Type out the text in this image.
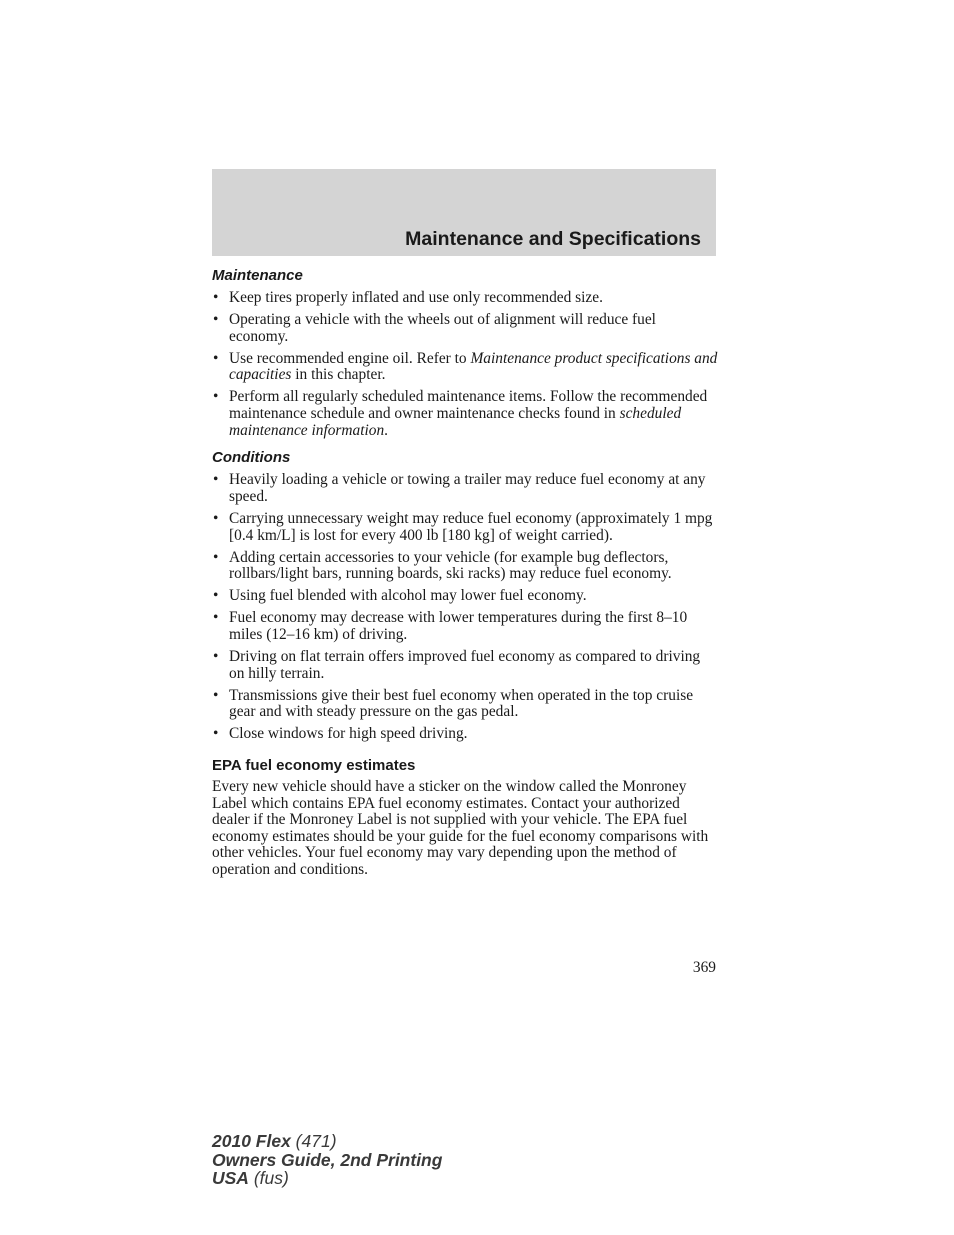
Maintenance and Specifications
Maintenance
• Keep tires properly inflated and use only recommended size.
• Operating a vehicle with the wheels out of alignment will reduce fuel economy.
• Use recommended engine oil. Refer to Maintenance product specifications and capacities in this chapter.
• Perform all regularly scheduled maintenance items. Follow the recommended maintenance schedule and owner maintenance checks found in scheduled maintenance information.
Conditions
• Heavily loading a vehicle or towing a trailer may reduce fuel economy at any speed.
• Carrying unnecessary weight may reduce fuel economy (approximately 1 mpg [0.4 km/L] is lost for every 400 lb [180 kg] of weight carried).
• Adding certain accessories to your vehicle (for example bug deflectors, rollbars/light bars, running boards, ski racks) may reduce fuel economy.
• Using fuel blended with alcohol may lower fuel economy.
• Fuel economy may decrease with lower temperatures during the first 8–10 miles (12–16 km) of driving.
• Driving on flat terrain offers improved fuel economy as compared to driving on hilly terrain.
• Transmissions give their best fuel economy when operated in the top cruise gear and with steady pressure on the gas pedal.
• Close windows for high speed driving.
EPA fuel economy estimates

Every new vehicle should have a sticker on the window called the Monroney Label which contains EPA fuel economy estimates. Contact your authorized dealer if the Monroney Label is not supplied with your vehicle. The EPA fuel economy estimates should be your guide for the fuel economy comparisons with other vehicles. Your fuel economy may vary depending upon the method of operation and conditions.

369
2010 Flex (471)
Owners Guide, 2nd Printing
USA (fus)
